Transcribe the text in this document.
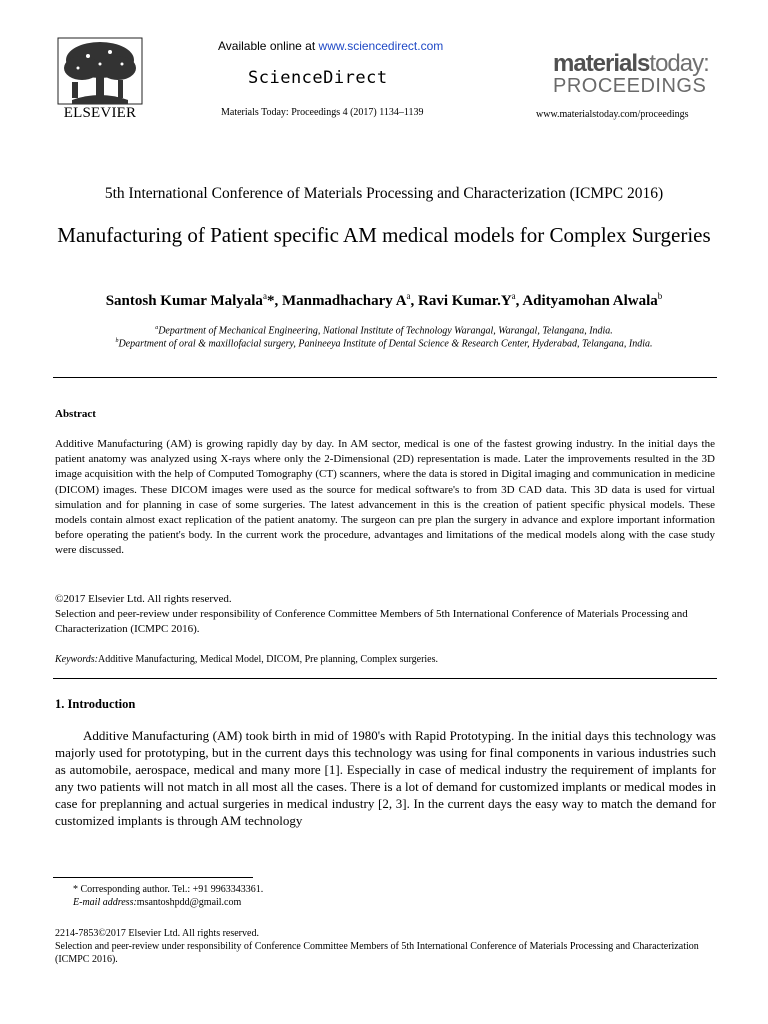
ELSEVIER
Available online at www.sciencedirect.com
ScienceDirect
Materials Today: Proceedings 4 (2017) 1134–1139
materialstoday:
PROCEEDINGS
www.materialstoday.com/proceedings
5th International Conference of Materials Processing and Characterization (ICMPC 2016)
Manufacturing of Patient specific AM medical models for Complex Surgeries
Santosh Kumar Malyala$^a$*, Manmadhachary $A^a$, Ravi $Kumar.Y^a$, Adityamohan Alwala$^b$
$^a$Department of Mechanical Engineering, National Institute of Technology Warangal, Warangal, Telangana, India.
$^b$Department of oral & maxillofacial surgery, Panineeya Institute of Dental Science & Research Center, Hyderabad, Telangana, India.
Abstract
Additive Manufacturing (AM) is growing rapidly day by day. In AM sector, medical is one of the fastest growing industry. In the initial days the patient anatomy was analyzed using X-rays where only the 2-Dimensional (2D) representation is made. Later the improvements resulted in the 3D image acquisition with the help of Computed Tomography (CT) scanners, where the data is stored in Digital imaging and communication in medicine (DICOM) images. These DICOM images were used as the source for medical software's to from 3D CAD data. This 3D data is used for virtual simulation and for planning in case of some surgeries. The latest advancement in this is the creation of patient specific physical models. These models contain almost exact replication of the patient anatomy. The surgeon can pre plan the surgery in advance and explore important information before operating the patient's body. In the current work the procedure, advantages and limitations of the medical models along with the case study were discussed.
©2017 Elsevier Ltd. All rights reserved.
Selection and peer-review under responsibility of Conference Committee Members of 5th International Conference of Materials Processing and Characterization (ICMPC 2016).
Keywords:Additive Manufacturing, Medical Model, DICOM, Pre planning, Complex surgeries.
1. Introduction
Additive Manufacturing (AM) took birth in mid of 1980's with Rapid Prototyping. In the initial days this technology was majorly used for prototyping, but in the current days this technology was using for final components in various industries such as automobile, aerospace, medical and many more [1]. Especially in case of medical industry the requirement of implants for any two patients will not match in all most all the cases. There is a lot of demand for customized implants or medical modes in case for preplanning and actual surgeries in medical industry [2, 3]. In the current days the easy way to match the demand for customized implants is through AM technology
* Corresponding author. Tel.: +91 9963343361.
E-mail address:msantoshpdd@gmail.com
2214-7853©2017 Elsevier Ltd. All rights reserved.
Selection and peer-review under responsibility of Conference Committee Members of 5th International Conference of Materials Processing and Characterization (ICMPC 2016).
